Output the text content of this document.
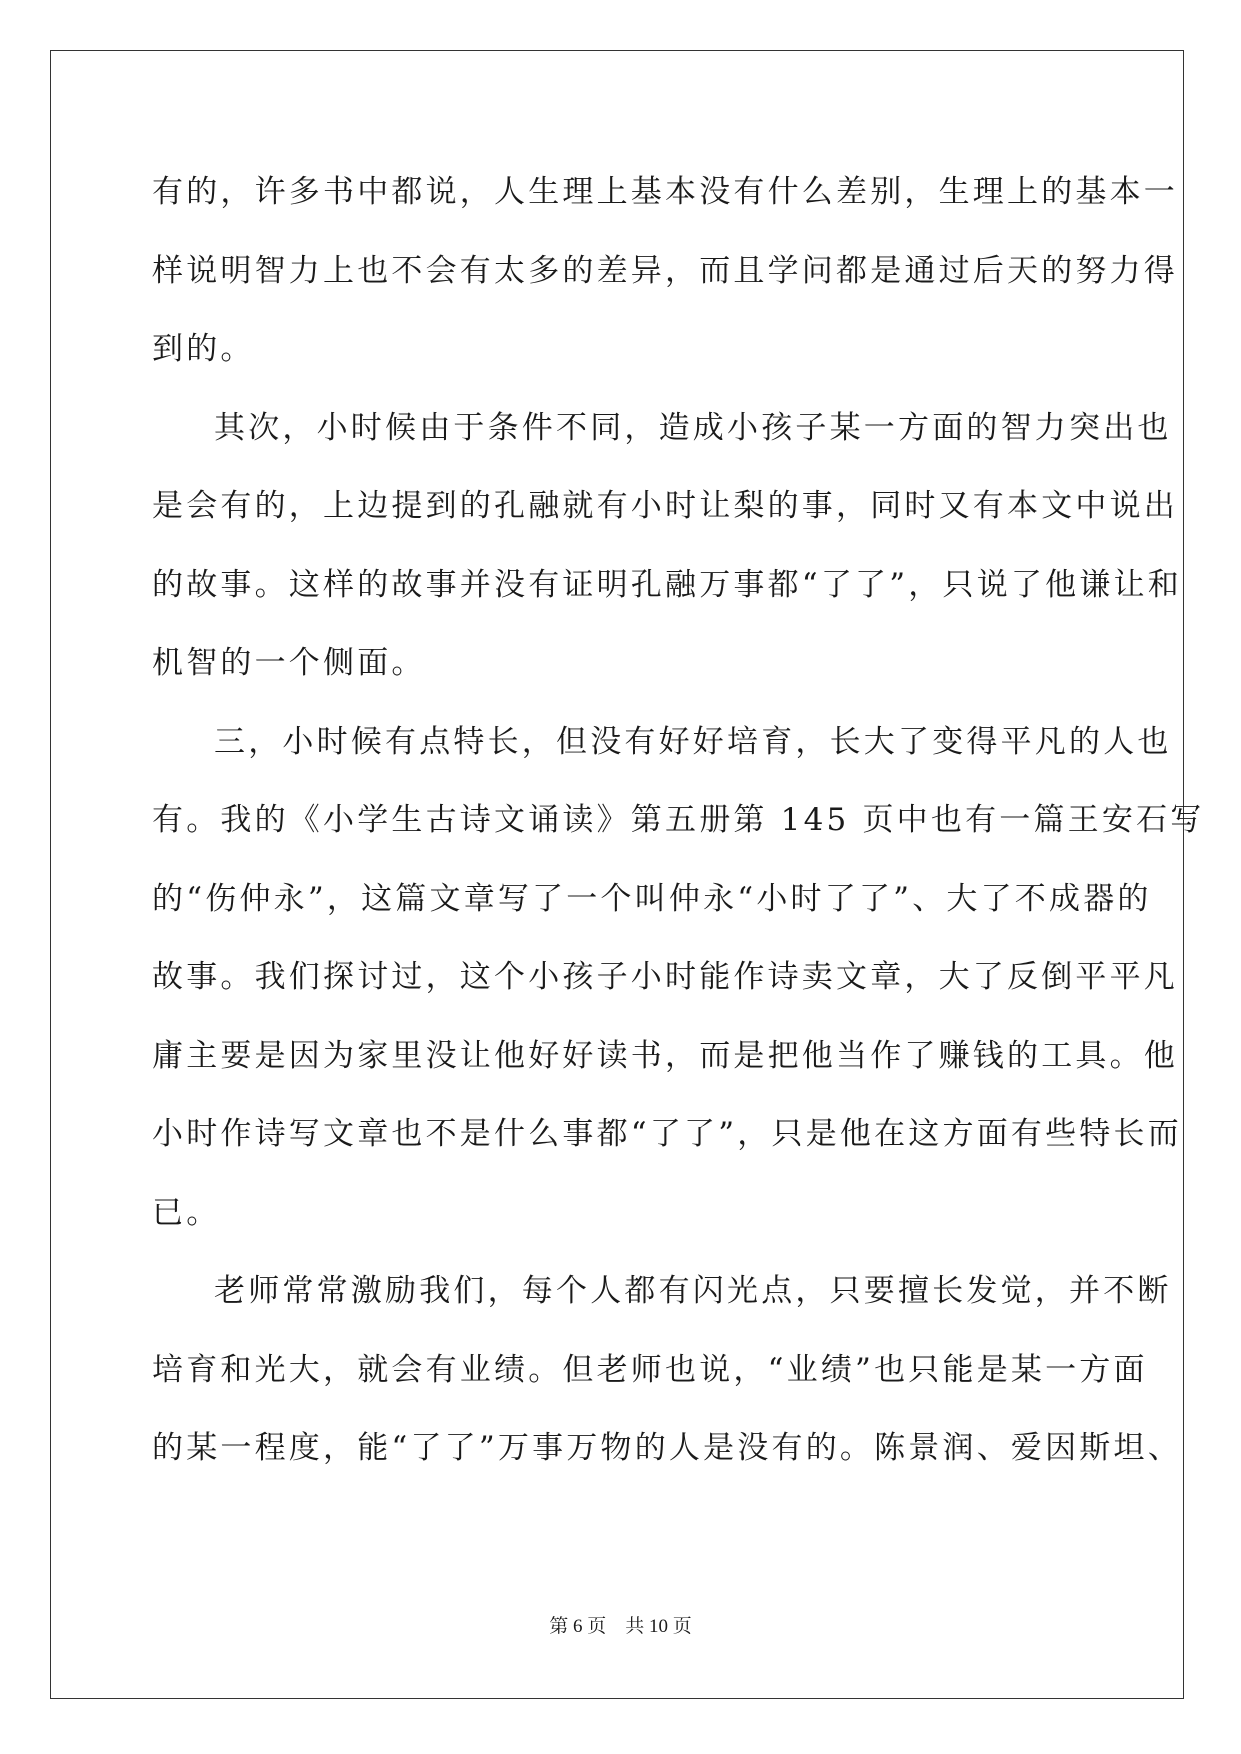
有的，许多书中都说，人生理上基本没有什么差别，生理上的基本一
样说明智力上也不会有太多的差异，而且学问都是通过后天的努力得
到的。
其次，小时候由于条件不同，造成小孩子某一方面的智力突出也
是会有的，上边提到的孔融就有小时让梨的事，同时又有本文中说出
的故事。这样的故事并没有证明孔融万事都“了了”，只说了他谦让和
机智的一个侧面。
三，小时候有点特长，但没有好好培育，长大了变得平凡的人也
有。我的《小学生古诗文诵读》第五册第 145 页中也有一篇王安石写
的“伤仲永”，这篇文章写了一个叫仲永“小时了了”、大了不成器的
故事。我们探讨过，这个小孩子小时能作诗卖文章，大了反倒平平凡
庸主要是因为家里没让他好好读书，而是把他当作了赚钱的工具。他
小时作诗写文章也不是什么事都“了了”，只是他在这方面有些特长而
已。
老师常常激励我们，每个人都有闪光点，只要擅长发觉，并不断
培育和光大，就会有业绩。但老师也说，“业绩”也只能是某一方面
的某一程度，能“了了”万事万物的人是没有的。陈景润、爱因斯坦、
第 6 页　共 10 页
